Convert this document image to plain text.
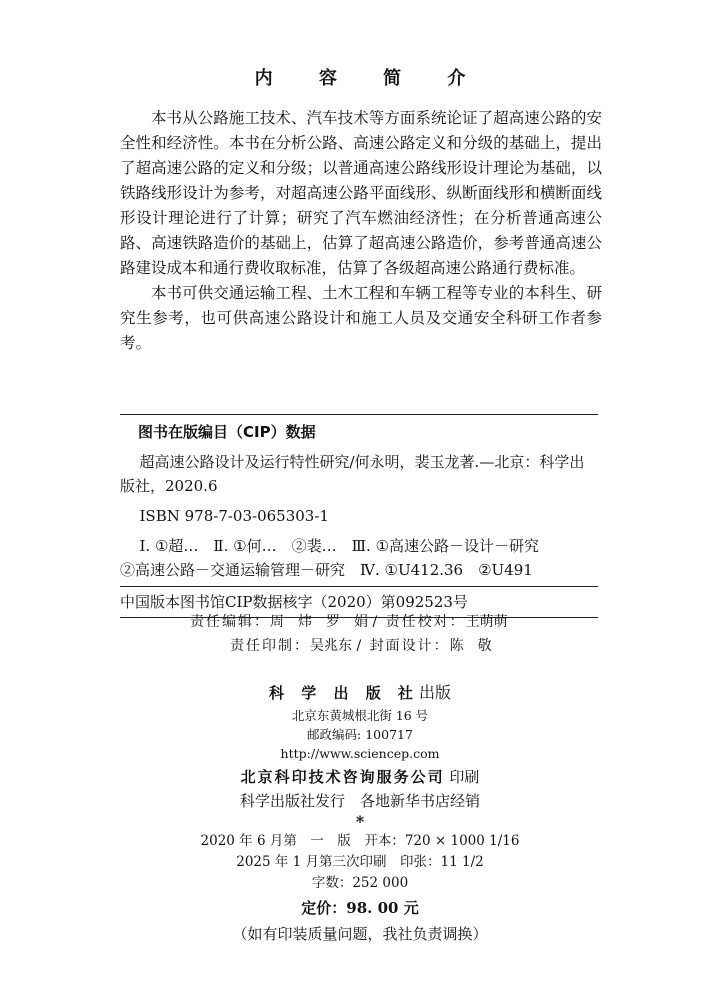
内 容 简 介

本书从公路施工技术、汽车技术等方面系统论证了超高速公路的安全性和经济性。本书在分析公路、高速公路定义和分级的基础上，提出了超高速公路的定义和分级；以普通高速公路线形设计理论为基础，以铁路线形设计为参考，对超高速公路平面线形、纵断面线形和横断面线形设计理论进行了计算；研究了汽车燃油经济性；在分析普通高速公路、高速铁路造价的基础上，估算了超高速公路造价，参考普通高速公路建设成本和通行费收取标准，估算了各级超高速公路通行费标准。

本书可供交通运输工程、土木工程和车辆工程等专业的本科生、研究生参考，也可供高速公路设计和施工人员及交通安全科研工作者参考。

图书在版编目（CIP）数据
超高速公路设计及运行特性研究/何永明，裴玉龙著.—北京：科学出版社，2020.6
ISBN 978-7-03-065303-1
Ⅰ. ①超…　Ⅱ. ①何…　②裴…　Ⅲ. ①高速公路－设计－研究
②高速公路－交通运输管理－研究　Ⅳ. ①U412.36　②U491
中国版本图书馆CIP数据核字（2020）第092523号
责任编辑：周　炜　罗　娟 / 责任校对：王萌萌
责任印制：吴兆东 / 封面设计：陈　敬
科 学 出 版 社出版
北京东黄城根北街 16 号
邮政编码: 100717
http://www.sciencep.com
北京科印技术咨询服务公司 印刷
科学出版社发行　各地新华书店经销
*
2020 年 6 月第　一　版　开本：720 × 1000 1/16
2025 年 1 月第三次印刷　印张：11 1/2
字数：252 000
定价：98. 00 元
（如有印装质量问题，我社负责调换）
